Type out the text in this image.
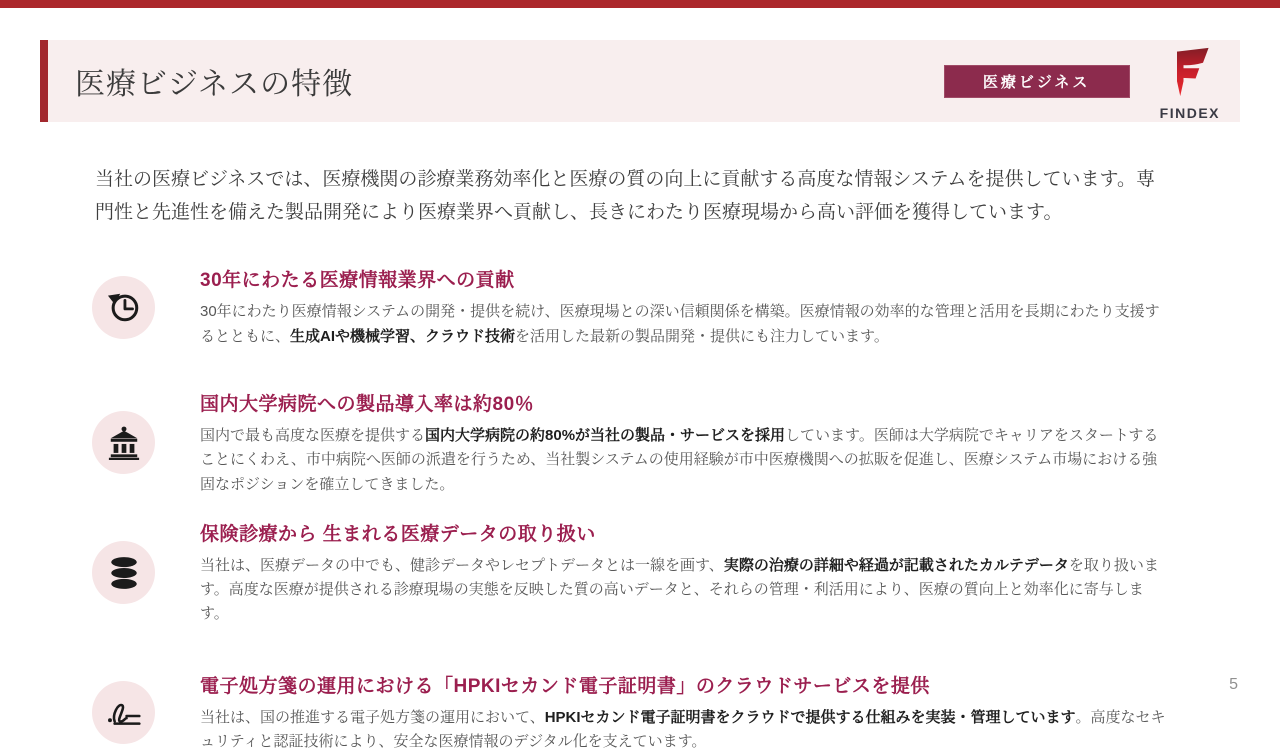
医療ビジネスの特徴	医療ビジネス
FINDEX

当社の医療ビジネスでは、医療機関の診療業務効率化と医療の質の向上に貢献する高度な情報システムを提供しています。専門性と先進性を備えた製品開発により医療業界へ貢献し、長きにわたり医療現場から高い評価を獲得しています。

30年にわたる医療情報業界への貢献

30年にわたり医療情報システムの開発・提供を続け、医療現場との深い信頼関係を構築。医療情報の効率的な管理と活用を長期にわたり支援するとともに、生成AIや機械学習、クラウド技術を活用した最新の製品開発・提供にも注力しています。

国内大学病院への製品導入率は約80％

国内で最も高度な医療を提供する国内大学病院の約80%が当社の製品・サービスを採用しています。医師は大学病院でキャリアをスタートすることにくわえ、市中病院へ医師の派遣を行うため、当社製システムの使用経験が市中医療機関への拡販を促進し、医療システム市場における強固なポジションを確立してきました。

保険診療から 生まれる医療データの取り扱い

当社は、医療データの中でも、健診データやレセプトデータとは一線を画す、実際の治療の詳細や経過が記載されたカルテデータを取り扱います。高度な医療が提供される診療現場の実態を反映した質の高いデータと、それらの管理・利活用により、医療の質向上と効率化に寄与します。

電子処方箋の運用における「HPKIセカンド電子証明書」のクラウドサービスを提供

当社は、国の推進する電子処方箋の運用において、HPKIセカンド電子証明書をクラウドで提供する仕組みを実装・管理しています。高度なセキュリティと認証技術により、安全な医療情報のデジタル化を支えています。

5
